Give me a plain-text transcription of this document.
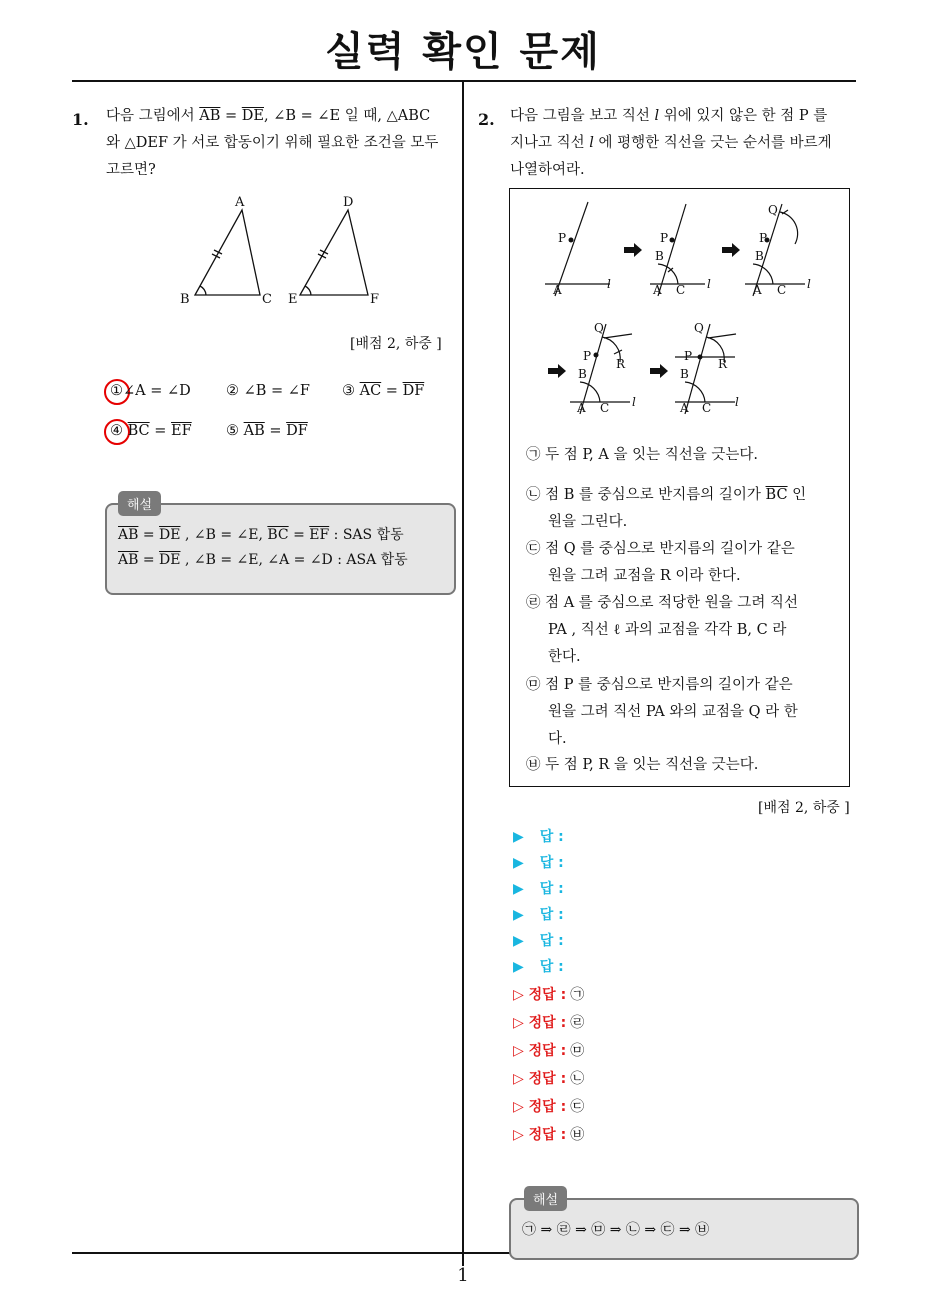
실력 확인 문제
1
1. 다음 그림에서 $\overline{AB} = \overline{DE}$, ∠B = ∠E 일 때, △ABC
와 △DEF 가 서로 합동이기 위해 필요한 조건을 모두
고르면?
A
B	C
D
E	F
[배점 2, 하중 ]
①∠A = ∠D ② ∠B = ∠F ③ $\overline{AC} = \overline{DF}$
④ $\overline{BC} = \overline{EF}$ ⑤ $\overline{AB} = \overline{DF}$
해설
$\overline{AB} = \overline{DE}$ , ∠B = ∠E, $\overline{BC} = \overline{EF}$ : SAS 합동
$\overline{AB} = \overline{DE}$ , ∠B = ∠E, ∠A = ∠D : ASA 합동
2. 다음 그림을 보고 직선 l 위에 있지 않은 한 점 P 를
지나고 직선 l 에 평행한 직선을 긋는 순서를 바르게
나열하여라.
P
A	l
P
B
A C l
Q
P
B
A C l
Q
P
R
B
A C l
Q
P
R
B
A C l
㉠ 두 점 P, A 을 잇는 직선을 긋는다.
㉡ 점 B 를 중심으로 반지름의 길이가 $\overline{BC}$ 인
원을 그린다.
㉢ 점 Q 를 중심으로 반지름의 길이가 같은
원을 그려 교점을 R 이라 한다.
㉣ 점 A 를 중심으로 적당한 원을 그려 직선
PA , 직선 ℓ 과의 교점을 각각 B, C 라
한다.
㉤ 점 P 를 중심으로 반지름의 길이가 같은
원을 그려 직선 PA 와의 교점을 Q 라 한
다.
㉥ 두 점 P, R 을 잇는 직선을 긋는다.
[배점 2, 하중 ]
▶ 답 :
▶ 답 :
▶ 답 :
▶ 답 :
▶ 답 :
▶ 답 :
▷ 정답 : ㉠
▷ 정답 : ㉣
▷ 정답 : ㉤
▷ 정답 : ㉡
▷ 정답 : ㉢
▷ 정답 : ㉥
해설
㉠ ⇒ ㉣ ⇒ ㉤ ⇒ ㉡ ⇒ ㉢ ⇒ ㉥
